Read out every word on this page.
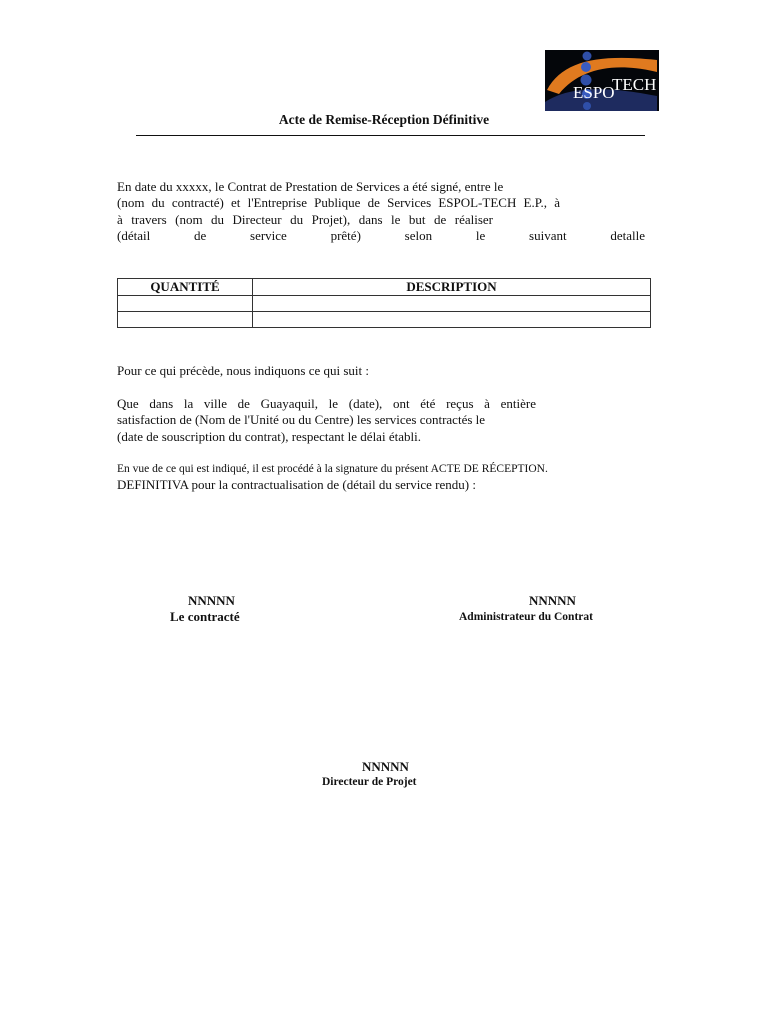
ESPO
TECH
Acte de Remise-Réception Définitive
En date du xxxxx, le Contrat de Prestation de Services a été signé, entre le
(nom du contracté) et l'Entreprise Publique de Services ESPOL-TECH E.P., à
à travers (nom du Directeur du Projet), dans le but de réaliser
(détail de service prêté) selon le suivant detalle
QUANTITÉ	DESCRIPTION

Pour ce qui précède, nous indiquons ce qui suit :
Que dans la ville de Guayaquil, le (date), ont été reçus à entière
satisfaction de (Nom de l'Unité ou du Centre) les services contractés le
(date de souscription du contrat), respectant le délai établi.
En vue de ce qui est indiqué, il est procédé à la signature du présent ACTE DE RÉCEPTION.
DEFINITIVA pour la contractualisation de (détail du service rendu) :
NNNNN
Le contracté
NNNNN
Administrateur du Contrat
NNNNN
Directeur de Projet
